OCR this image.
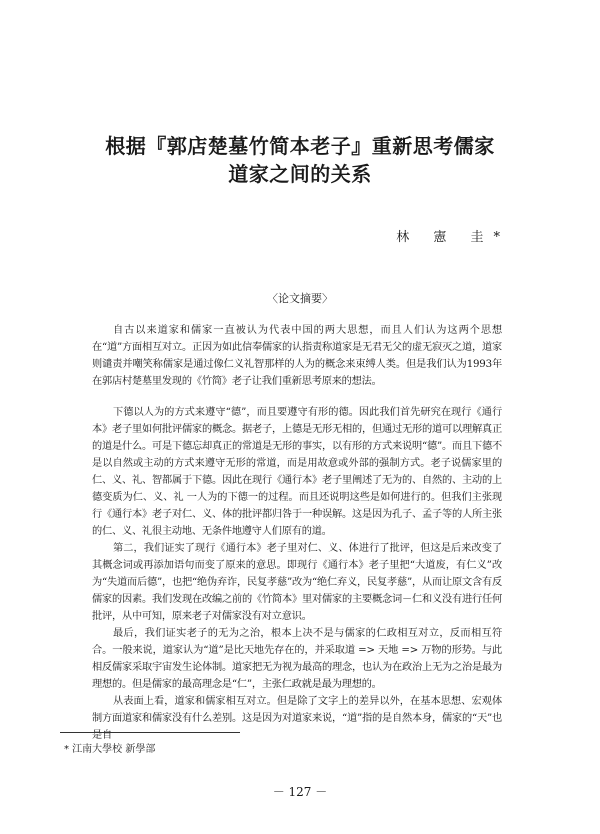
根据『郭店楚墓竹简本老子』重新思考儒家
道家之间的关系
林 憲 圭*
〈论文摘要〉

自古以来道家和儒家一直被认为代表中国的两大思想，而且人们认为这两个思想在“道”方面相互对立。正因为如此信奉儒家的认指责称道家是无君无父的虚无寂灭之道，道家则谴责并嘲笑称儒家是通过像仁义礼智那样的人为的概念来束缚人类。但是我们认为1993年在郭店村楚墓里发现的《竹简》老子让我们重新思考原来的想法。

下德以人为的方式来遵守“德”，而且要遵守有形的德。因此我们首先研究在现行《通行本》老子里如何批评儒家的概念。据老子，上德是无形无相的，但通过无形的道可以理解真正的道是什么。可是下德忘却真正的常道是无形的事实，以有形的方式来说明“德”。而且下德不是以自然或主动的方式来遵守无形的常道，而是用故意或外部的强制方式。老子说儒家里的仁、义、礼、智都属于下德。因此在现行《通行本》老子里阐述了无为的、自然的、主动的上德变质为仁、义、礼 一人为的下德一的过程。而且还说明这些是如何进行的。但我们主张现行《通行本》老子对仁、义、体的批评都归咎于一种误解。这是因为孔子、孟子等的人所主张的仁、义、礼很主动地、无条件地遵守人们原有的道。

第二，我们证实了现行《通行本》老子里对仁、义、体进行了批评，但这是后来改变了其概念词或再添加语句而变了原来的意思。即现行《通行本》老子里把“大道废，有仁义”改为“失道而后德”，也把“绝伪弃诈，民复孝慈”改为“绝仁弃义，民复孝慈”，从而让原文含有反儒家的因素。我们发现在改编之前的《竹简本》里对儒家的主要概念词－仁和义没有进行任何批评，从中可知，原来老子对儒家没有对立意识。

最后，我们证实老子的无为之治，根本上决不是与儒家的仁政相互对立，反而相互符合。一般来说，道家认为“道”是比天地先存在的，并采取道 => 天地 => 万物的形势。与此相反儒家采取宇宙发生论体制。道家把无为视为最高的理念，也认为在政治上无为之治是最为理想的。但是儒家的最高理念是“仁”，主张仁政就是最为理想的。

从表面上看，道家和儒家相互对立。但是除了文字上的差异以外，在基本思想、宏观体制方面道家和儒家没有什么差别。这是因为对道家来说，“道”指的是自然本身，儒家的“天”也是自

* 江南大學校 新學部
－ 127 －
